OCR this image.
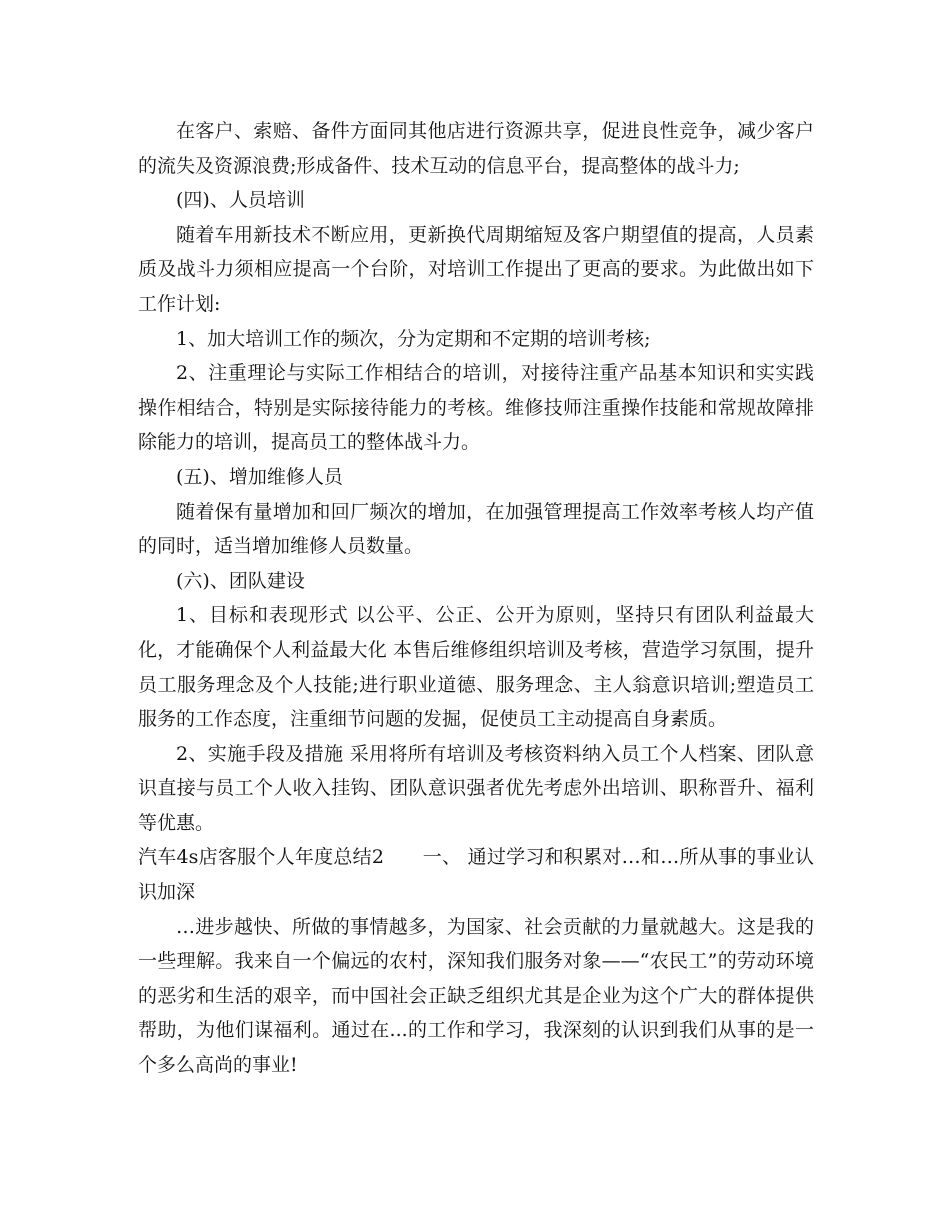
在客户、索赔、备件方面同其他店进行资源共享，促进良性竞争，减少客户的流失及资源浪费;形成备件、技术互动的信息平台，提高整体的战斗力;

(四)、人员培训

随着车用新技术不断应用，更新换代周期缩短及客户期望值的提高，人员素质及战斗力须相应提高一个台阶，对培训工作提出了更高的要求。为此做出如下工作计划:

1、加大培训工作的频次，分为定期和不定期的培训考核;

2、注重理论与实际工作相结合的培训，对接待注重产品基本知识和实实践操作相结合，特别是实际接待能力的考核。维修技师注重操作技能和常规故障排除能力的培训，提高员工的整体战斗力。

(五)、增加维修人员

随着保有量增加和回厂频次的增加，在加强管理提高工作效率考核人均产值的同时，适当增加维修人员数量。

(六)、团队建设

1、目标和表现形式 以公平、公正、公开为原则，坚持只有团队利益最大化，才能确保个人利益最大化 本售后维修组织培训及考核，营造学习氛围，提升员工服务理念及个人技能;进行职业道德、服务理念、主人翁意识培训;塑造员工服务的工作态度，注重细节问题的发掘，促使员工主动提高自身素质。

2、实施手段及措施 采用将所有培训及考核资料纳入员工个人档案、团队意识直接与员工个人收入挂钩、团队意识强者优先考虑外出培训、职称晋升、福利等优惠。

汽车4s店客服个人年度总结2　　一、 通过学习和积累对…和…所从事的事业认识加深

…进步越快、所做的事情越多，为国家、社会贡献的力量就越大。这是我的一些理解。我来自一个偏远的农村，深知我们服务对象——“农民工”的劳动环境的恶劣和生活的艰辛，而中国社会正缺乏组织尤其是企业为这个广大的群体提供帮助，为他们谋福利。通过在...的工作和学习，我深刻的认识到我们从事的是一个多么高尚的事业!
